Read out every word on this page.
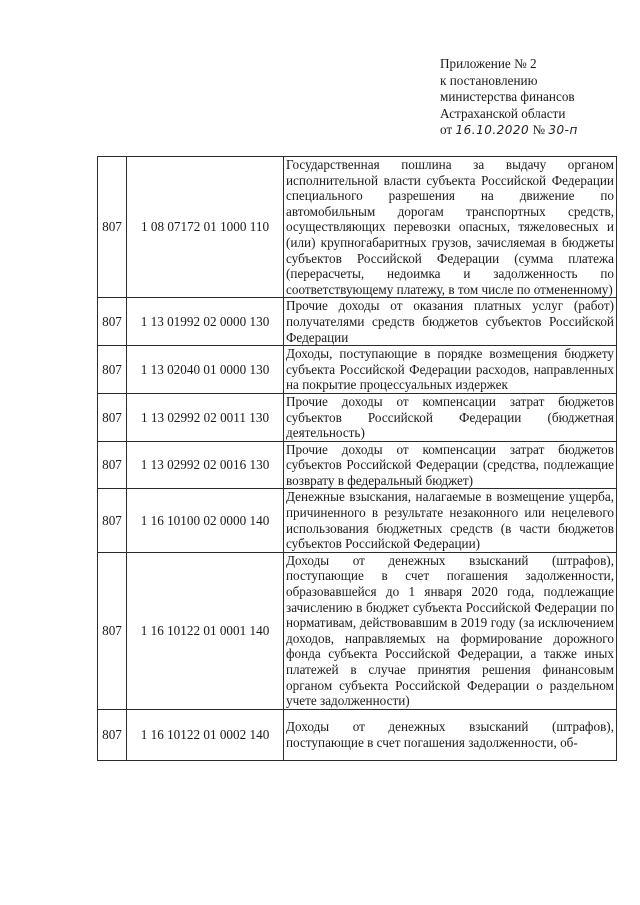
Приложение № 2
к постановлению
министерства финансов
Астраханской области
от 16.10.2020 № 30-п
807	1 08 07172 01 1000 110	Государственная пошлина за выдачу органом исполнительной власти субъекта Российской Федерации специального разрешения на движение по автомобильным дорогам транспортных средств, осуществляющих перевозки опасных, тяжеловесных и (или) крупногабаритных грузов, зачисляемая в бюджеты субъектов Российской Федерации (сумма платежа (перерасчеты, недоимка и задолженность по соответствующему платежу, в том числе по отмененному)
807	1 13 01992 02 0000 130	Прочие доходы от оказания платных услуг (работ) получателями средств бюджетов субъектов Российской Федерации
807	1 13 02040 01 0000 130	Доходы, поступающие в порядке возмещения бюджету субъекта Российской Федерации расходов, направленных на покрытие процессуальных издержек
807	1 13 02992 02 0011 130	Прочие доходы от компенсации затрат бюджетов субъектов Российской Федерации (бюджетная деятельность)
807	1 13 02992 02 0016 130	Прочие доходы от компенсации затрат бюджетов субъектов Российской Федерации (средства, подлежащие возврату в федеральный бюджет)
807	1 16 10100 02 0000 140	Денежные взыскания, налагаемые в возмещение ущерба, причиненного в результате незаконного или нецелевого использования бюджетных средств (в части бюджетов субъектов Российской Федерации)
807	1 16 10122 01 0001 140	Доходы от денежных взысканий (штрафов), поступающие в счет погашения задолженности, образовавшейся до 1 января 2020 года, подлежащие зачислению в бюджет субъекта Российской Федерации по нормативам, действовавшим в 2019 году (за исключением доходов, направляемых на формирование дорожного фонда субъекта Российской Федерации, а также иных платежей в случае принятия решения финансовым органом субъекта Российской Федерации о раздельном учете задолженности)
807	1 16 10122 01 0002 140	Доходы от денежных взысканий (штрафов), поступающие в счет погашения задолженности, об-
